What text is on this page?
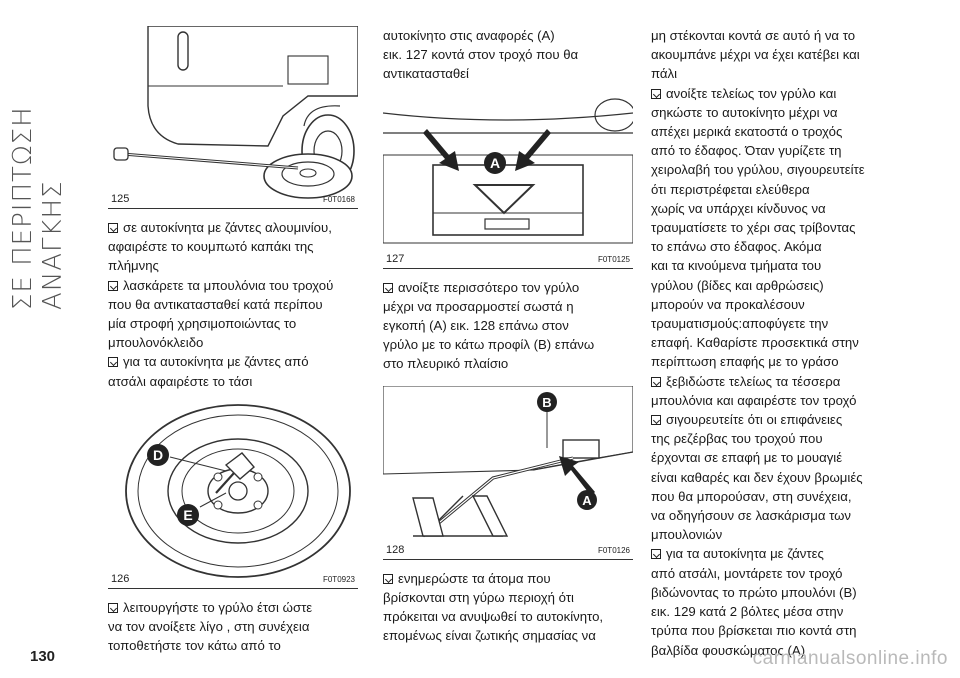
ΣΕ ΠΕΡΙΠΤΩΣΗ ΑΝΑΓΚΗΣ	125	F0T0168
σε αυτοκίνητα με ζάντες αλουμινίου,
αφαιρέστε το κουμπωτό καπάκι της
πλήμνης
λασκάρετε τα μπουλόνια του τροχού
που θα αντικατασταθεί κατά περίπου
μία στροφή χρησιμοποιώντας το
μπουλονόκλειδο
για τα αυτοκίνητα με ζάντες από
ατσάλι αφαιρέστε το τάσι
D
E
126	F0T0923
λειτουργήστε το γρύλο έτσι ώστε
να τον ανοίξετε λίγο , στη συνέχεια
τοποθετήστε τον κάτω από το
αυτοκίνητο στις αναφορές (A)
εικ. 127 κοντά στον τροχό που θα
αντικατασταθεί
A
127	F0T0125
ανοίξτε περισσότερο τον γρύλο
μέχρι να προσαρμοστεί σωστά η
εγκοπή (A) εικ. 128 επάνω στον
γρύλο με το κάτω προφίλ (B) επάνω
στο πλευρικό πλαίσιο
B
A
128	F0T0126
ενημερώστε τα άτομα που
βρίσκονται στη γύρω περιοχή ότι
πρόκειται να ανυψωθεί το αυτοκίνητο,
επομένως είναι ζωτικής σημασίας να
μη στέκονται κοντά σε αυτό ή να το
ακουμπάνε μέχρι να έχει κατέβει και
πάλι
ανοίξτε τελείως τον γρύλο και
σηκώστε το αυτοκίνητο μέχρι να
απέχει μερικά εκατοστά ο τροχός
από το έδαφος. Όταν γυρίζετε τη
χειρολαβή του γρύλου, σιγουρευτείτε
ότι περιστρέφεται ελεύθερα
χωρίς να υπάρχει κίνδυνος να
τραυματίσετε το χέρι σας τρίβοντας
το επάνω στο έδαφος. Ακόμα
και τα κινούμενα τμήματα του
γρύλου (βίδες και αρθρώσεις)
μπορούν να προκαλέσουν
τραυματισμούς:αποφύγετε την
επαφή. Καθαρίστε προσεκτικά στην
περίπτωση επαφής με το γράσο
ξεβιδώστε τελείως τα τέσσερα
μπουλόνια και αφαιρέστε τον τροχό
σιγουρευτείτε ότι οι επιφάνειες
της ρεζέρβας του τροχού που
έρχονται σε επαφή με το μουαγιέ
είναι καθαρές και δεν έχουν βρωμιές
που θα μπορούσαν, στη συνέχεια,
να οδηγήσουν σε λασκάρισμα των
μπουλονιών
για τα αυτοκίνητα με ζάντες
από ατσάλι, μοντάρετε τον τροχό
βιδώνοντας το πρώτο μπουλόνι (B)
εικ. 129 κατά 2 βόλτες μέσα στην
τρύπα που βρίσκεται πιο κοντά στη
βαλβίδα φουσκώματος (A)
130	carmanualsonline.info
